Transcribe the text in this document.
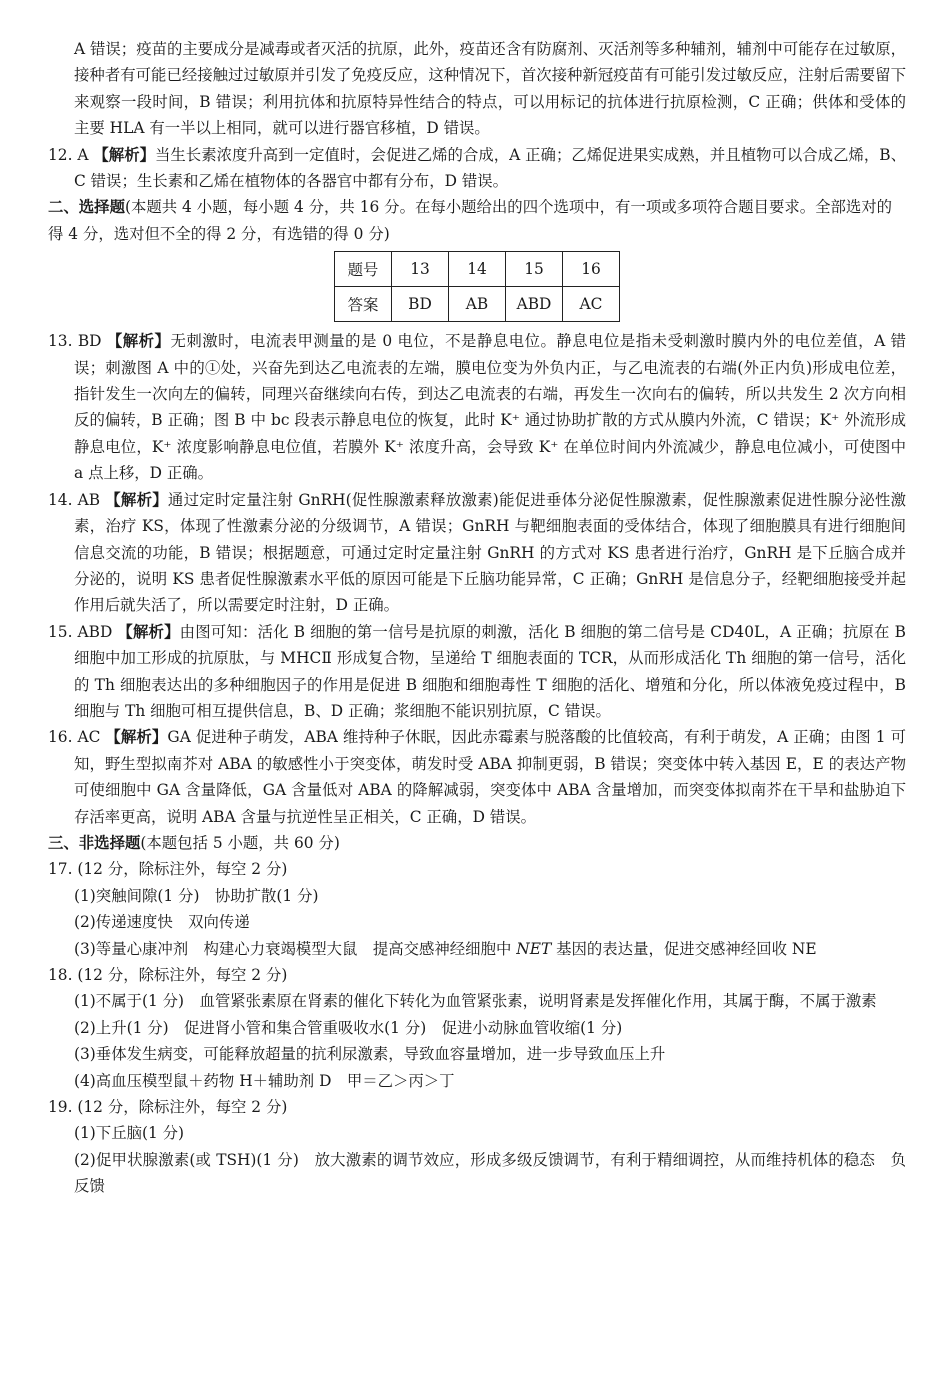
A 错误；疫苗的主要成分是减毒或者灭活的抗原，此外，疫苗还含有防腐剂、灭活剂等多种辅剂，辅剂中可能存在过敏原，接种者有可能已经接触过过敏原并引发了免疫反应，这种情况下，首次接种新冠疫苗有可能引发过敏反应，注射后需要留下来观察一段时间，B 错误；利用抗体和抗原特异性结合的特点，可以用标记的抗体进行抗原检测，C 正确；供体和受体的主要 HLA 有一半以上相同，就可以进行器官移植，D 错误。

12. A 【解析】当生长素浓度升高到一定值时，会促进乙烯的合成，A 正确；乙烯促进果实成熟，并且植物可以合成乙烯，B、C 错误；生长素和乙烯在植物体的各器官中都有分布，D 错误。

二、选择题(本题共 4 小题，每小题 4 分，共 16 分。在每小题给出的四个选项中，有一项或多项符合题目要求。全部选对的得 4 分，选对但不全的得 2 分，有选错的得 0 分)

题号	13	14	15	16
答案	BD	AB	ABD	AC

13. BD 【解析】无刺激时，电流表甲测量的是 0 电位，不是静息电位。静息电位是指未受刺激时膜内外的电位差值，A 错误；刺激图 A 中的①处，兴奋先到达乙电流表的左端，膜电位变为外负内正，与乙电流表的右端(外正内负)形成电位差，指针发生一次向左的偏转，同理兴奋继续向右传，到达乙电流表的右端，再发生一次向右的偏转，所以共发生 2 次方向相反的偏转，B 正确；图 B 中 bc 段表示静息电位的恢复，此时 K⁺ 通过协助扩散的方式从膜内外流，C 错误；K⁺ 外流形成静息电位，K⁺ 浓度影响静息电位值，若膜外 K⁺ 浓度升高，会导致 K⁺ 在单位时间内外流减少，静息电位减小，可使图中 a 点上移，D 正确。

14. AB 【解析】通过定时定量注射 GnRH(促性腺激素释放激素)能促进垂体分泌促性腺激素，促性腺激素促进性腺分泌性激素，治疗 KS，体现了性激素分泌的分级调节，A 错误；GnRH 与靶细胞表面的受体结合，体现了细胞膜具有进行细胞间信息交流的功能，B 错误；根据题意，可通过定时定量注射 GnRH 的方式对 KS 患者进行治疗，GnRH 是下丘脑合成并分泌的，说明 KS 患者促性腺激素水平低的原因可能是下丘脑功能异常，C 正确；GnRH 是信息分子，经靶细胞接受并起作用后就失活了，所以需要定时注射，D 正确。

15. ABD 【解析】由图可知：活化 B 细胞的第一信号是抗原的刺激，活化 B 细胞的第二信号是 CD40L，A 正确；抗原在 B 细胞中加工形成的抗原肽，与 MHCⅡ 形成复合物，呈递给 T 细胞表面的 TCR，从而形成活化 Th 细胞的第一信号，活化的 Th 细胞表达出的多种细胞因子的作用是促进 B 细胞和细胞毒性 T 细胞的活化、增殖和分化，所以体液免疫过程中，B 细胞与 Th 细胞可相互提供信息，B、D 正确；浆细胞不能识别抗原，C 错误。

16. AC 【解析】GA 促进种子萌发，ABA 维持种子休眠，因此赤霉素与脱落酸的比值较高，有利于萌发，A 正确；由图 1 可知，野生型拟南芥对 ABA 的敏感性小于突变体，萌发时受 ABA 抑制更弱，B 错误；突变体中转入基因 E，E 的表达产物可使细胞中 GA 含量降低，GA 含量低对 ABA 的降解减弱，突变体中 ABA 含量增加，而突变体拟南芥在干旱和盐胁迫下存活率更高，说明 ABA 含量与抗逆性呈正相关，C 正确，D 错误。

三、非选择题(本题包括 5 小题，共 60 分)

17. (12 分，除标注外，每空 2 分)

(1)突触间隙(1 分)　协助扩散(1 分)

(2)传递速度快　双向传递

(3)等量心康冲剂　构建心力衰竭模型大鼠　提高交感神经细胞中 NET 基因的表达量，促进交感神经回收 NE

18. (12 分，除标注外，每空 2 分)

(1)不属于(1 分)　血管紧张素原在肾素的催化下转化为血管紧张素，说明肾素是发挥催化作用，其属于酶，不属于激素

(2)上升(1 分)　促进肾小管和集合管重吸收水(1 分)　促进小动脉血管收缩(1 分)

(3)垂体发生病变，可能释放超量的抗利尿激素，导致血容量增加，进一步导致血压上升

(4)高血压模型鼠＋药物 H＋辅助剂 D　甲＝乙＞丙＞丁

19. (12 分，除标注外，每空 2 分)

(1)下丘脑(1 分)

(2)促甲状腺激素(或 TSH)(1 分)　放大激素的调节效应，形成多级反馈调节，有利于精细调控，从而维持机体的稳态　负反馈
